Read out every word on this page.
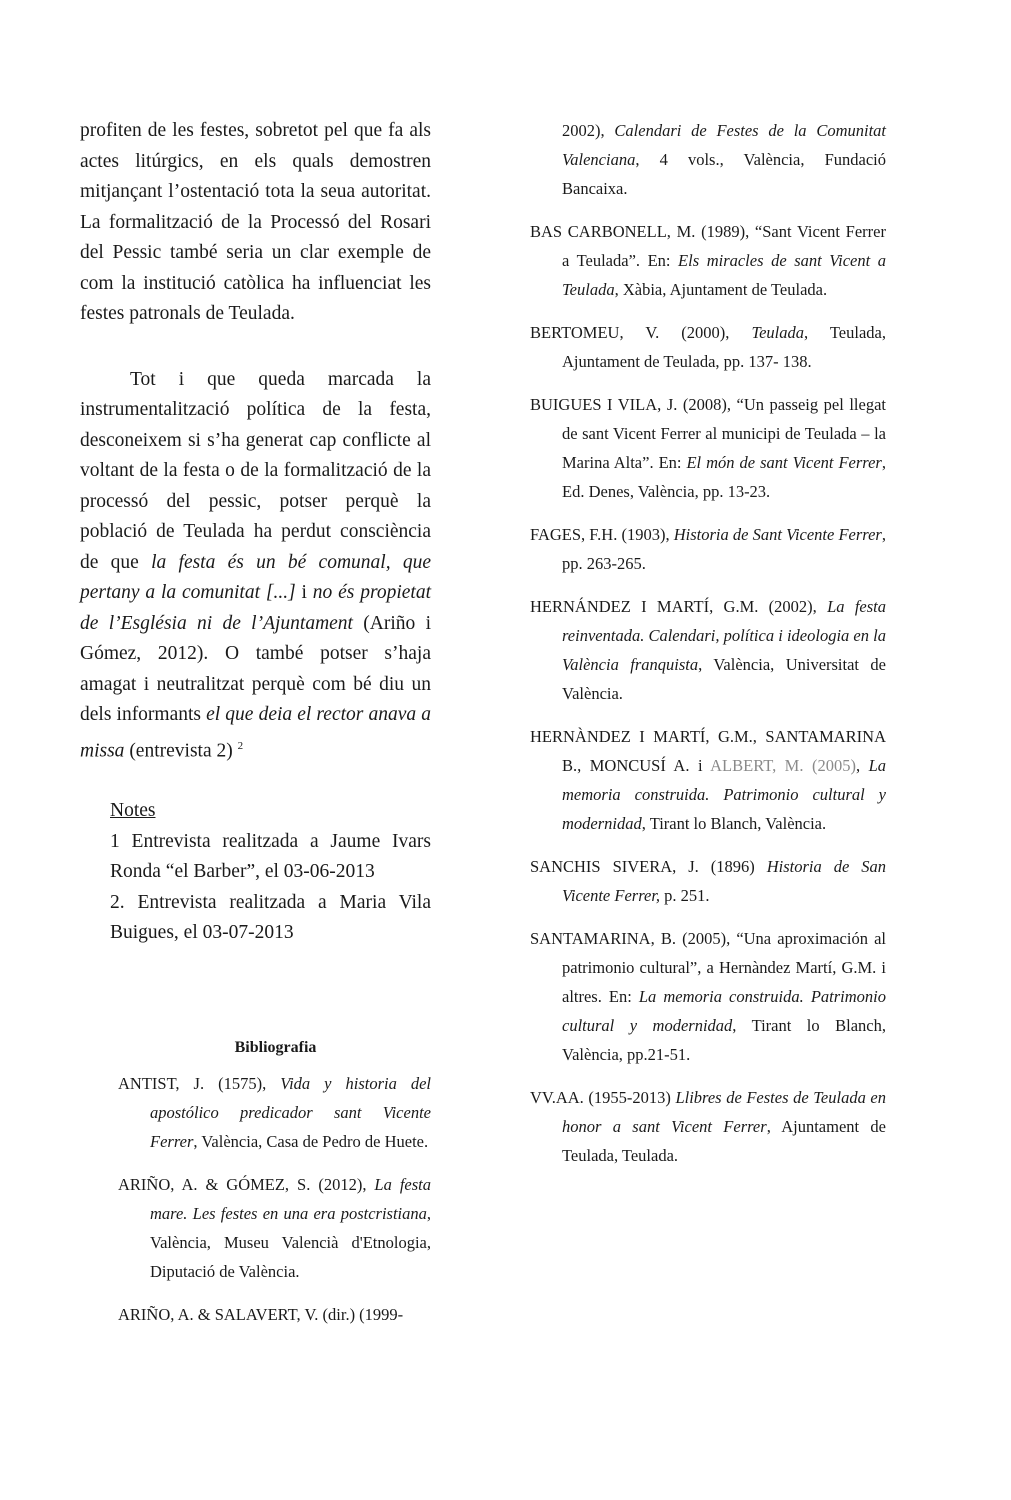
profiten de les festes, sobretot pel que fa als actes litúrgics, en els quals demostren mitjançant l’ostentació tota la seua autoritat. La formalització de la Processó del Rosari del Pessic també seria un clar exemple de com la institució catòlica ha influenciat les festes patronals de Teulada.

Tot i que queda marcada la instrumentalització política de la festa, desconeixem si s’ha generat cap conflicte al voltant de la festa o de la formalització de la processó del pessic, potser perquè la població de Teulada ha perdut consciència de que la festa és un bé comunal, que pertany a la comunitat [...] i no és propietat de l’Església ni de l’Ajuntament (Ariño i Gómez, 2012). O també potser s’haja amagat i neutralitzat perquè com bé diu un dels informants el que deia el rector anava a missa (entrevista 2) $^2$

Notes
1 Entrevista realitzada a Jaume Ivars Ronda “el Barber”, el 03-06-2013
2. Entrevista realitzada a Maria Vila Buigues, el 03-07-2013
Bibliografia

ANTIST, J. (1575), Vida y historia del apostólico predicador sant Vicente Ferrer, València, Casa de Pedro de Huete.

ARIÑO, A. & GÓMEZ, S. (2012), La festa mare. Les festes en una era postcristiana, València, Museu Valencià d'Etnologia, Diputació de València.

ARIÑO, A. & SALAVERT, V. (dir.) (1999-

2002), Calendari de Festes de la Comunitat Valenciana, 4 vols., València, Fundació Bancaixa.

BAS CARBONELL, M. (1989), “Sant Vicent Ferrer a Teulada”. En: Els miracles de sant Vicent a Teulada, Xàbia, Ajuntament de Teulada.

BERTOMEU, V. (2000), Teulada, Teulada, Ajuntament de Teulada, pp. 137- 138.

BUIGUES I VILA, J. (2008), “Un passeig pel llegat de sant Vicent Ferrer al municipi de Teulada – la Marina Alta”. En: El món de sant Vicent Ferrer, Ed. Denes, València, pp. 13-23.

FAGES, F.H. (1903), Historia de Sant Vicente Ferrer, pp. 263-265.

HERNÁNDEZ I MARTÍ, G.M. (2002), La festa reinventada. Calendari, política i ideologia en la València franquista, València, Universitat de València.

HERNÀNDEZ I MARTÍ, G.M., SANTAMARINA B., MONCUSÍ A. i ALBERT, M. (2005), La memoria construida. Patrimonio cultural y modernidad, Tirant lo Blanch, València.

SANCHIS SIVERA, J. (1896) Historia de San Vicente Ferrer, p. 251.

SANTAMARINA, B. (2005), “Una aproximación al patrimonio cultural”, a Hernàndez Martí, G.M. i altres. En: La memoria construida. Patrimonio cultural y modernidad, Tirant lo Blanch, València, pp.21-51.

VV.AA. (1955-2013) Llibres de Festes de Teulada en honor a sant Vicent Ferrer, Ajuntament de Teulada, Teulada.
